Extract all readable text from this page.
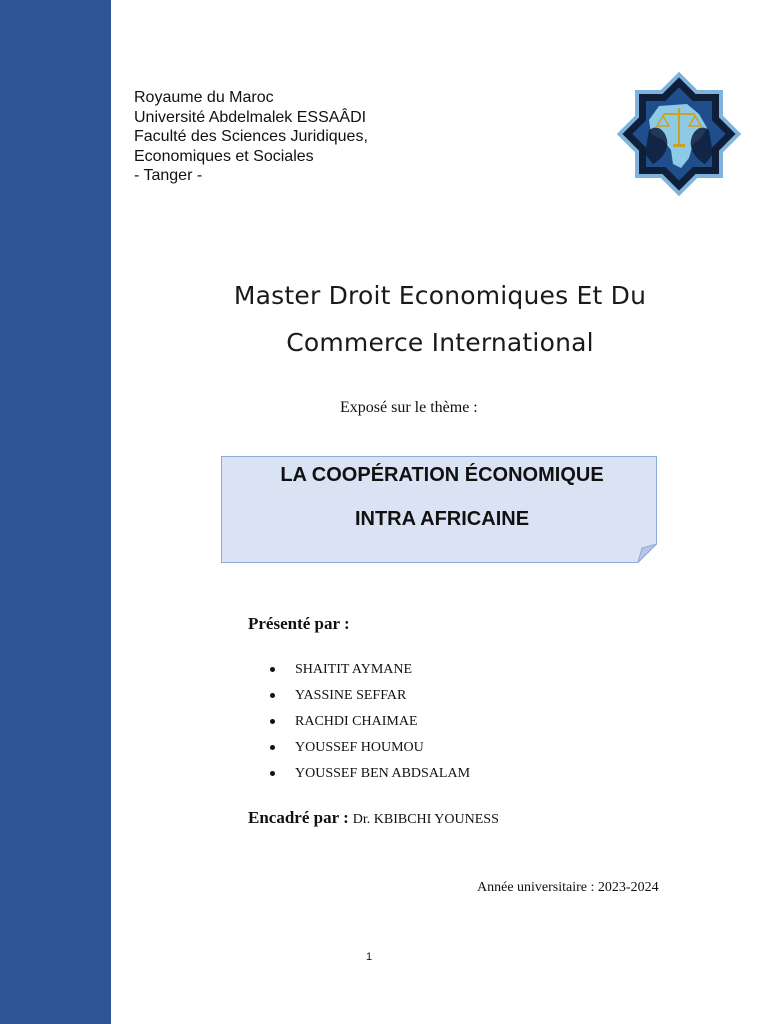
Royaume du Maroc
Université Abdelmalek ESSAÂDI
Faculté des Sciences Juridiques,
Economiques et Sociales
- Tanger -
Master Droit Economiques Et Du
Commerce International
Exposé sur le thème :
LA COOPÉRATION ÉCONOMIQUE
INTRA AFRICAINE
Présenté par :
SHAITIT AYMANE
YASSINE SEFFAR
RACHDI CHAIMAE
YOUSSEF HOUMOU
YOUSSEF BEN ABDSALAM
Encadré par : Dr. KBIBCHI YOUNESS
Année universitaire : 2023-2024
1
